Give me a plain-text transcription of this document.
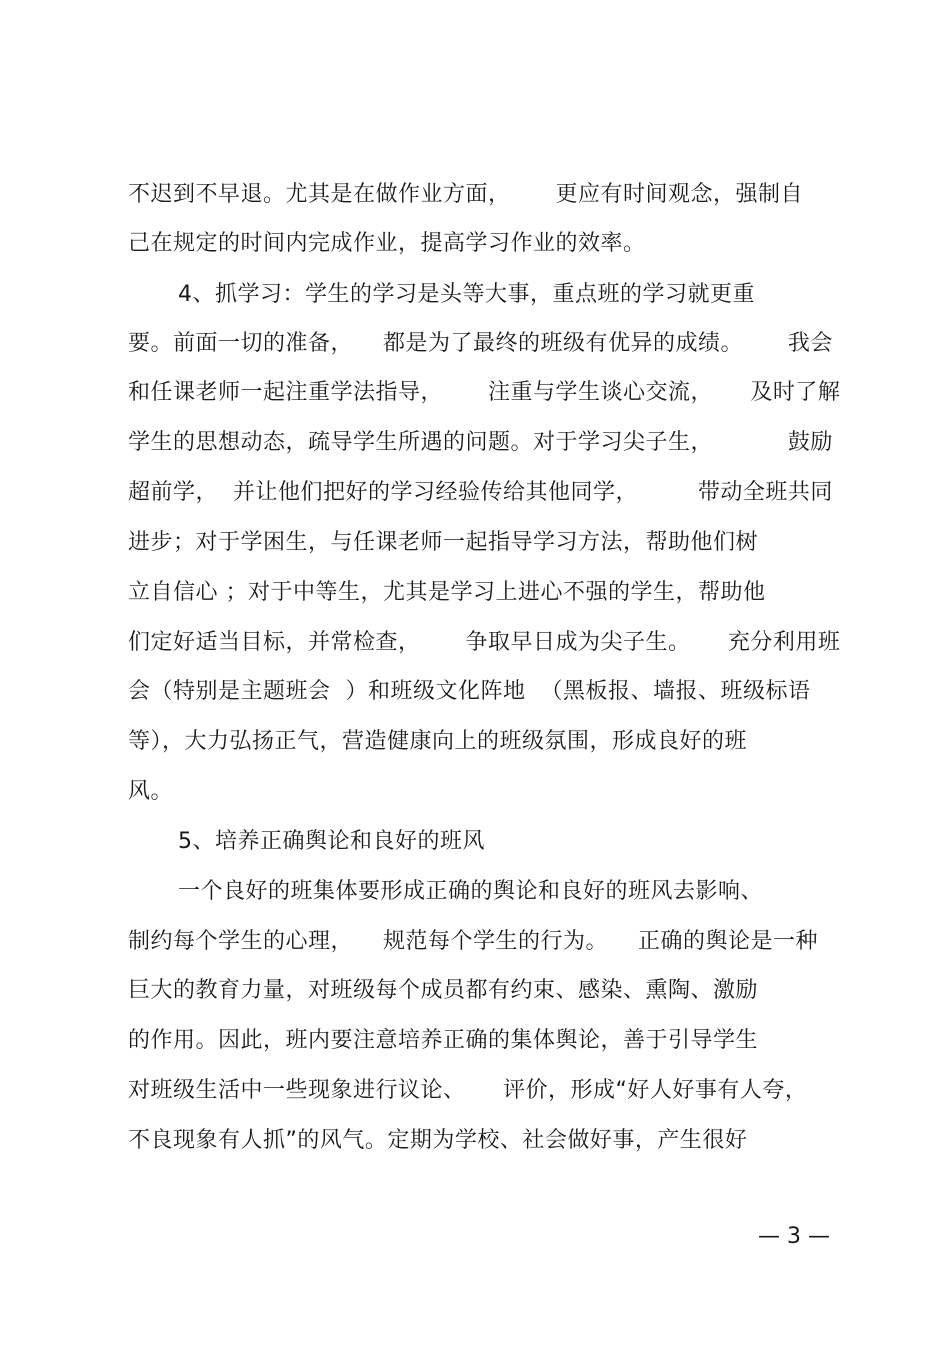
不迟到不早退。尤其是在做作业方面，      更应有时间观念，强制自
己在规定的时间内完成作业，提高学习作业的效率。
4、抓学习：学生的学习是头等大事，重点班的学习就更重
要。前面一切的准备，    都是为了最终的班级有优异的成绩。      我会
和任课老师一起注重学法指导，      注重与学生谈心交流，     及时了解
学生的思想动态，疏导学生所遇的问题。对于学习尖子生，          鼓励
超前学，  并让他们把好的学习经验传给其他同学，        带动全班共同
进步；对于学困生，与任课老师一起指导学习方法，帮助他们树
立自信心 ；对于中等生，尤其是学习上进心不强的学生，帮助他
们定好适当目标，并常检查，      争取早日成为尖子生。     充分利用班
会（特别是主题班会  ）和班级文化阵地  （黑板报、墙报、班级标语
等），大力弘扬正气，营造健康向上的班级氛围，形成良好的班
风。
5、培养正确舆论和良好的班风
一个良好的班集体要形成正确的舆论和良好的班风去影响、
制约每个学生的心理，    规范每个学生的行为。    正确的舆论是一种
巨大的教育力量，对班级每个成员都有约束、感染、熏陶、激励
的作用。因此，班内要注意培养正确的集体舆论，善于引导学生
对班级生活中一些现象进行议论、     评价，形成“好人好事有人夸，
不良现象有人抓”的风气。定期为学校、社会做好事，产生很好
— 3 —
